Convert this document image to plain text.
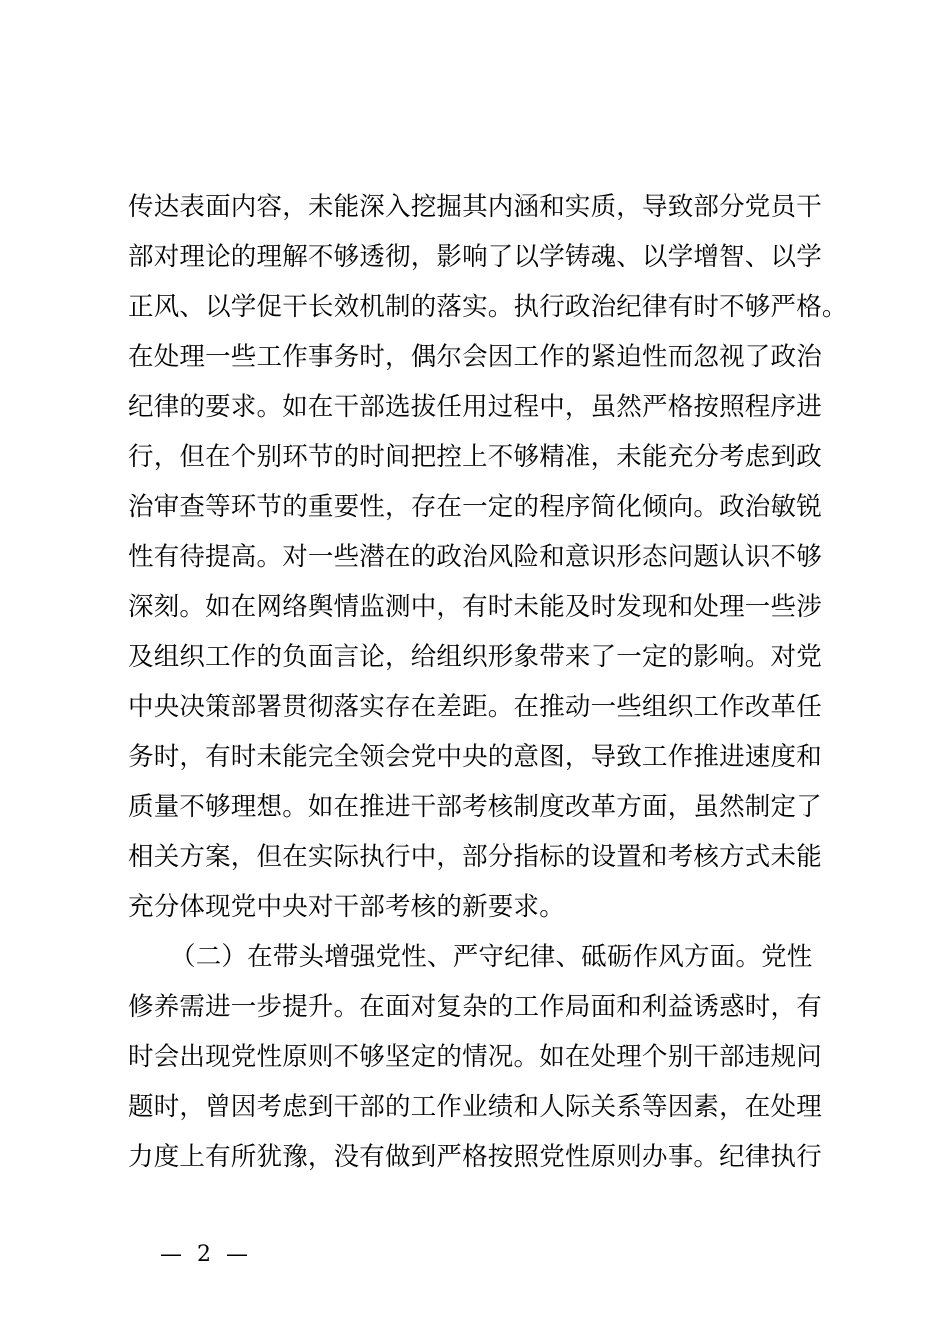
传达表面内容，未能深入挖掘其内涵和实质，导致部分党员干
部对理论的理解不够透彻，影响了以学铸魂、以学增智、以学
正风、以学促干长效机制的落实。执行政治纪律有时不够严格。
在处理一些工作事务时，偶尔会因工作的紧迫性而忽视了政治
纪律的要求。如在干部选拔任用过程中，虽然严格按照程序进
行，但在个别环节的时间把控上不够精准，未能充分考虑到政
治审查等环节的重要性，存在一定的程序简化倾向。政治敏锐
性有待提高。对一些潜在的政治风险和意识形态问题认识不够
深刻。如在网络舆情监测中，有时未能及时发现和处理一些涉
及组织工作的负面言论，给组织形象带来了一定的影响。对党
中央决策部署贯彻落实存在差距。在推动一些组织工作改革任
务时，有时未能完全领会党中央的意图，导致工作推进速度和
质量不够理想。如在推进干部考核制度改革方面，虽然制定了
相关方案，但在实际执行中，部分指标的设置和考核方式未能
充分体现党中央对干部考核的新要求。
（二）在带头增强党性、严守纪律、砥砺作风方面。党性
修养需进一步提升。在面对复杂的工作局面和利益诱惑时，有
时会出现党性原则不够坚定的情况。如在处理个别干部违规问
题时，曾因考虑到干部的工作业绩和人际关系等因素，在处理
力度上有所犹豫，没有做到严格按照党性原则办事。纪律执行
— 2 —
